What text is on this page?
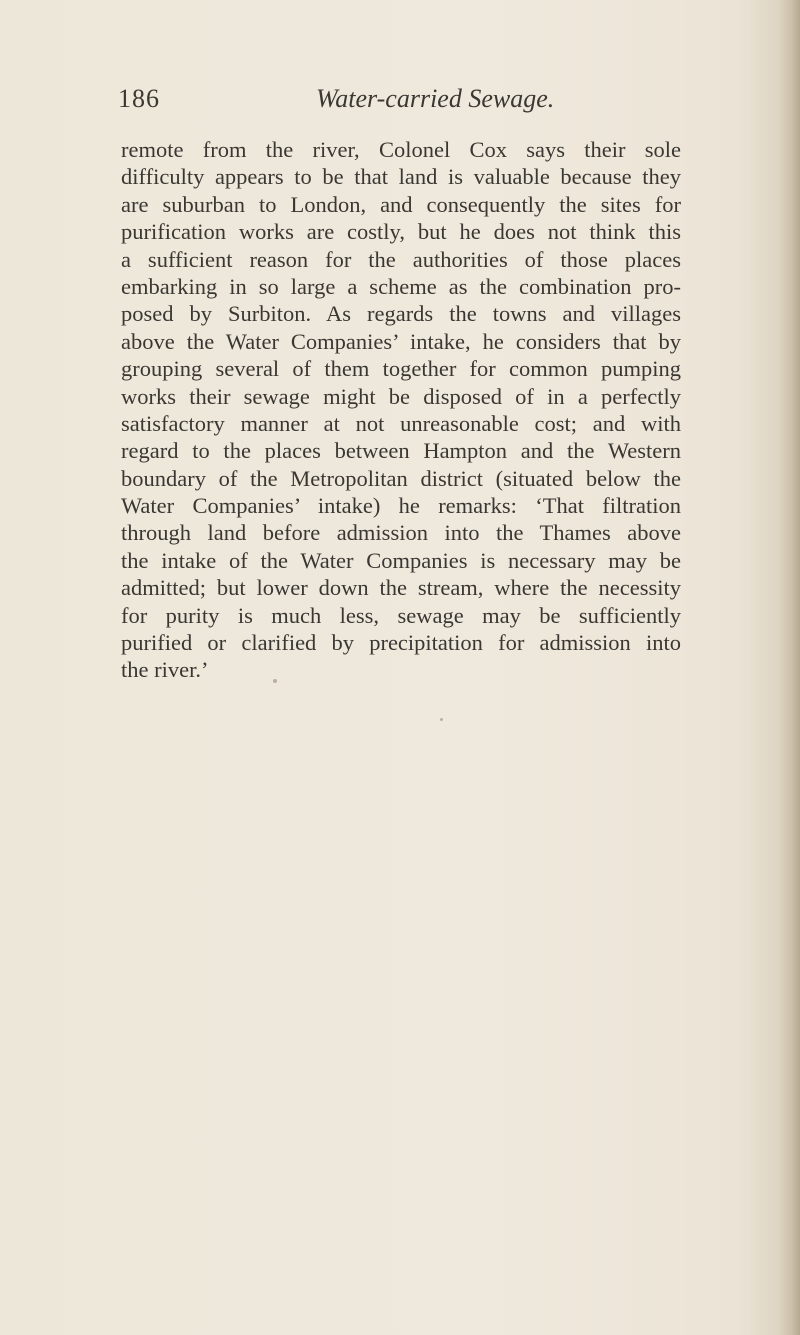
186	Water-carried Sewage.
remote from the river, Colonel Cox says their sole
difficulty appears to be that land is valuable because they
are suburban to London, and consequently the sites for
purification works are costly, but he does not think this
a sufficient reason for the authorities of those places
embarking in so large a scheme as the combination pro-
posed by Surbiton. As regards the towns and villages
above the Water Companies’ intake, he considers that by
grouping several of them together for common pumping
works their sewage might be disposed of in a perfectly
satisfactory manner at not unreasonable cost; and with
regard to the places between Hampton and the Western
boundary of the Metropolitan district (situated below the
Water Companies’ intake) he remarks: ‘That filtration
through land before admission into the Thames above
the intake of the Water Companies is necessary may be
admitted; but lower down the stream, where the necessity
for purity is much less, sewage may be sufficiently
purified or clarified by precipitation for admission into
the river.’
